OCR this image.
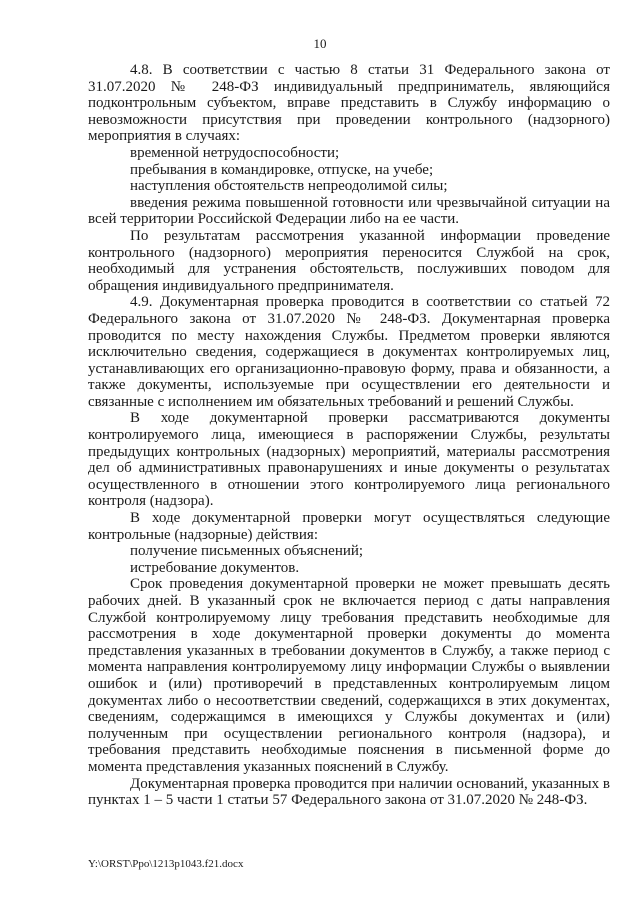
10

4.8. В соответствии с частью 8 статьи 31 Федерального закона от 31.07.2020 № 248-ФЗ индивидуальный предприниматель, являющийся подконтрольным субъектом, вправе представить в Службу информацию о невозможности присутствия при проведении контрольного (надзорного) мероприятия в случаях:

временной нетрудоспособности;

пребывания в командировке, отпуске, на учебе;

наступления обстоятельств непреодолимой силы;

введения режима повышенной готовности или чрезвычайной ситуации на всей территории Российской Федерации либо на ее части.

По результатам рассмотрения указанной информации проведение контрольного (надзорного) мероприятия переносится Службой на срок, необходимый для устранения обстоятельств, послуживших поводом для обращения индивидуального предпринимателя.

4.9. Документарная проверка проводится в соответствии со статьей 72 Федерального закона от 31.07.2020 № 248-ФЗ. Документарная проверка проводится по месту нахождения Службы. Предметом проверки являются исключительно сведения, содержащиеся в документах контролируемых лиц, устанавливающих его организационно-правовую форму, права и обязанности, а также документы, используемые при осуществлении его деятельности и связанные с исполнением им обязательных требований и решений Службы.

В ходе документарной проверки рассматриваются документы контролируемого лица, имеющиеся в распоряжении Службы, результаты предыдущих контрольных (надзорных) мероприятий, материалы рассмотрения дел об административных правонарушениях и иные документы о результатах осуществленного в отношении этого контролируемого лица регионального контроля (надзора).

В ходе документарной проверки могут осуществляться следующие контрольные (надзорные) действия:

получение письменных объяснений;

истребование документов.

Срок проведения документарной проверки не может превышать десять рабочих дней. В указанный срок не включается период с даты направления Службой контролируемому лицу требования представить необходимые для рассмотрения в ходе документарной проверки документы до момента представления указанных в требовании документов в Службу, а также период с момента направления контролируемому лицу информации Службы о выявлении ошибок и (или) противоречий в представленных контролируемым лицом документах либо о несоответствии сведений, содержащихся в этих документах, сведениям, содержащимся в имеющихся у Службы документах и (или) полученным при осуществлении регионального контроля (надзора), и требования представить необходимые пояснения в письменной форме до момента представления указанных пояснений в Службу.

Документарная проверка проводится при наличии оснований, указанных в пунктах 1 – 5 части 1 статьи 57 Федерального закона от 31.07.2020 № 248-ФЗ.

Y:\ORST\Ppo\1213p1043.f21.docx
